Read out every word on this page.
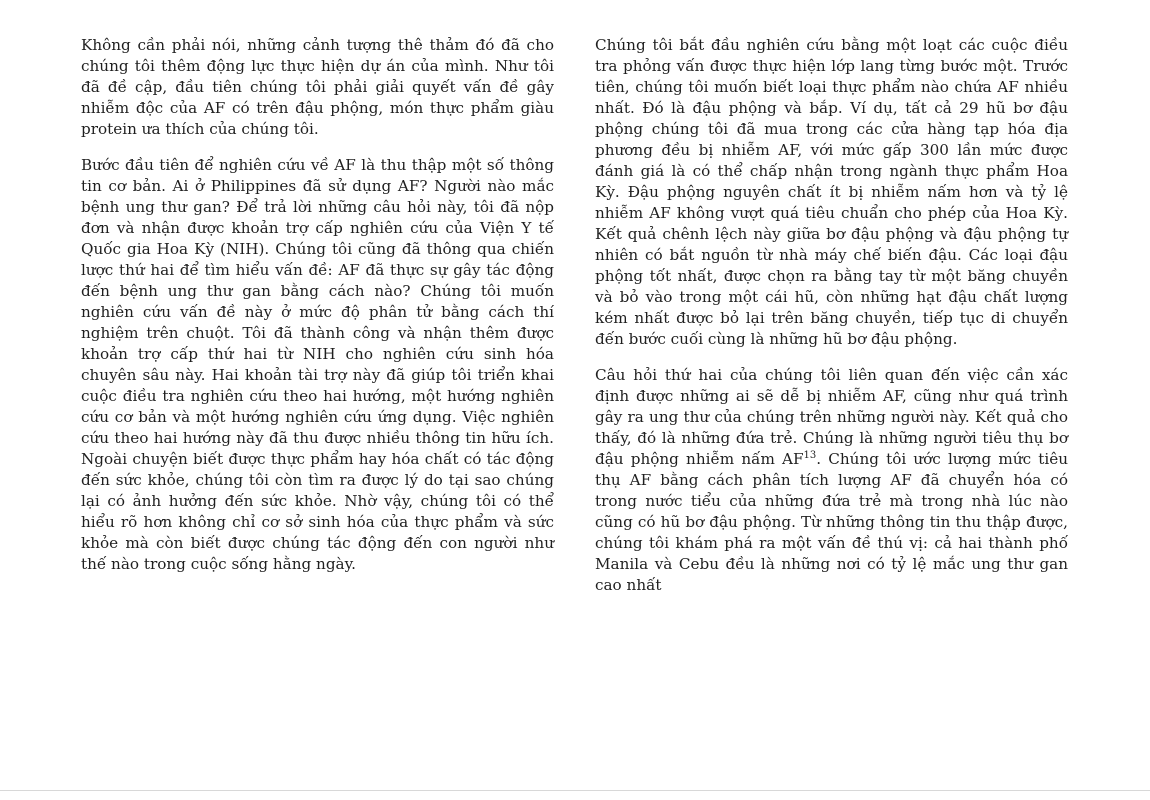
Không cần phải nói, những cảnh tượng thê thảm đó đã cho chúng tôi thêm động lực thực hiện dự án của mình. Như tôi đã đề cập, đầu tiên chúng tôi phải giải quyết vấn đề gây nhiễm độc của AF có trên đậu phộng, món thực phẩm giàu protein ưa thích của chúng tôi.

Bước đầu tiên để nghiên cứu về AF là thu thập một số thông tin cơ bản. Ai ở Philippines đã sử dụng AF? Người nào mắc bệnh ung thư gan? Để trả lời những câu hỏi này, tôi đã nộp đơn và nhận được khoản trợ cấp nghiên cứu của Viện Y tế Quốc gia Hoa Kỳ (NIH). Chúng tôi cũng đã thông qua chiến lược thứ hai để tìm hiểu vấn đề: AF đã thực sự gây tác động đến bệnh ung thư gan bằng cách nào? Chúng tôi muốn nghiên cứu vấn đề này ở mức độ phân tử bằng cách thí nghiệm trên chuột. Tôi đã thành công và nhận thêm được khoản trợ cấp thứ hai từ NIH cho nghiên cứu sinh hóa chuyên sâu này. Hai khoản tài trợ này đã giúp tôi triển khai cuộc điều tra nghiên cứu theo hai hướng, một hướng nghiên cứu cơ bản và một hướng nghiên cứu ứng dụng. Việc nghiên cứu theo hai hướng này đã thu được nhiều thông tin hữu ích. Ngoài chuyện biết được thực phẩm hay hóa chất có tác động đến sức khỏe, chúng tôi còn tìm ra được lý do tại sao chúng lại có ảnh hưởng đến sức khỏe. Nhờ vậy, chúng tôi có thể hiểu rõ hơn không chỉ cơ sở sinh hóa của thực phẩm và sức khỏe mà còn biết được chúng tác động đến con người như thế nào trong cuộc sống hằng ngày.

Chúng tôi bắt đầu nghiên cứu bằng một loạt các cuộc điều tra phỏng vấn được thực hiện lớp lang từng bước một. Trước tiên, chúng tôi muốn biết loại thực phẩm nào chứa AF nhiều nhất. Đó là đậu phộng và bắp. Ví dụ, tất cả 29 hũ bơ đậu phộng chúng tôi đã mua trong các cửa hàng tạp hóa địa phương đều bị nhiễm AF, với mức gấp 300 lần mức được đánh giá là có thể chấp nhận trong ngành thực phẩm Hoa Kỳ. Đậu phộng nguyên chất ít bị nhiễm nấm hơn và tỷ lệ nhiễm AF không vượt quá tiêu chuẩn cho phép của Hoa Kỳ. Kết quả chênh lệch này giữa bơ đậu phộng và đậu phộng tự nhiên có bắt nguồn từ nhà máy chế biến đậu. Các loại đậu phộng tốt nhất, được chọn ra bằng tay từ một băng chuyền và bỏ vào trong một cái hũ, còn những hạt đậu chất lượng kém nhất được bỏ lại trên băng chuyền, tiếp tục di chuyển đến bước cuối cùng là những hũ bơ đậu phộng.

Câu hỏi thứ hai của chúng tôi liên quan đến việc cần xác định được những ai sẽ dễ bị nhiễm AF, cũng như quá trình gây ra ung thư của chúng trên những người này. Kết quả cho thấy, đó là những đứa trẻ. Chúng là những người tiêu thụ bơ đậu phộng nhiễm nấm AF$^{13}$. Chúng tôi ước lượng mức tiêu thụ AF bằng cách phân tích lượng AF đã chuyển hóa có trong nước tiểu của những đứa trẻ mà trong nhà lúc nào cũng có hũ bơ đậu phộng. Từ những thông tin thu thập được, chúng tôi khám phá ra một vấn đề thú vị: cả hai thành phố Manila và Cebu đều là những nơi có tỷ lệ mắc ung thư gan cao nhất
